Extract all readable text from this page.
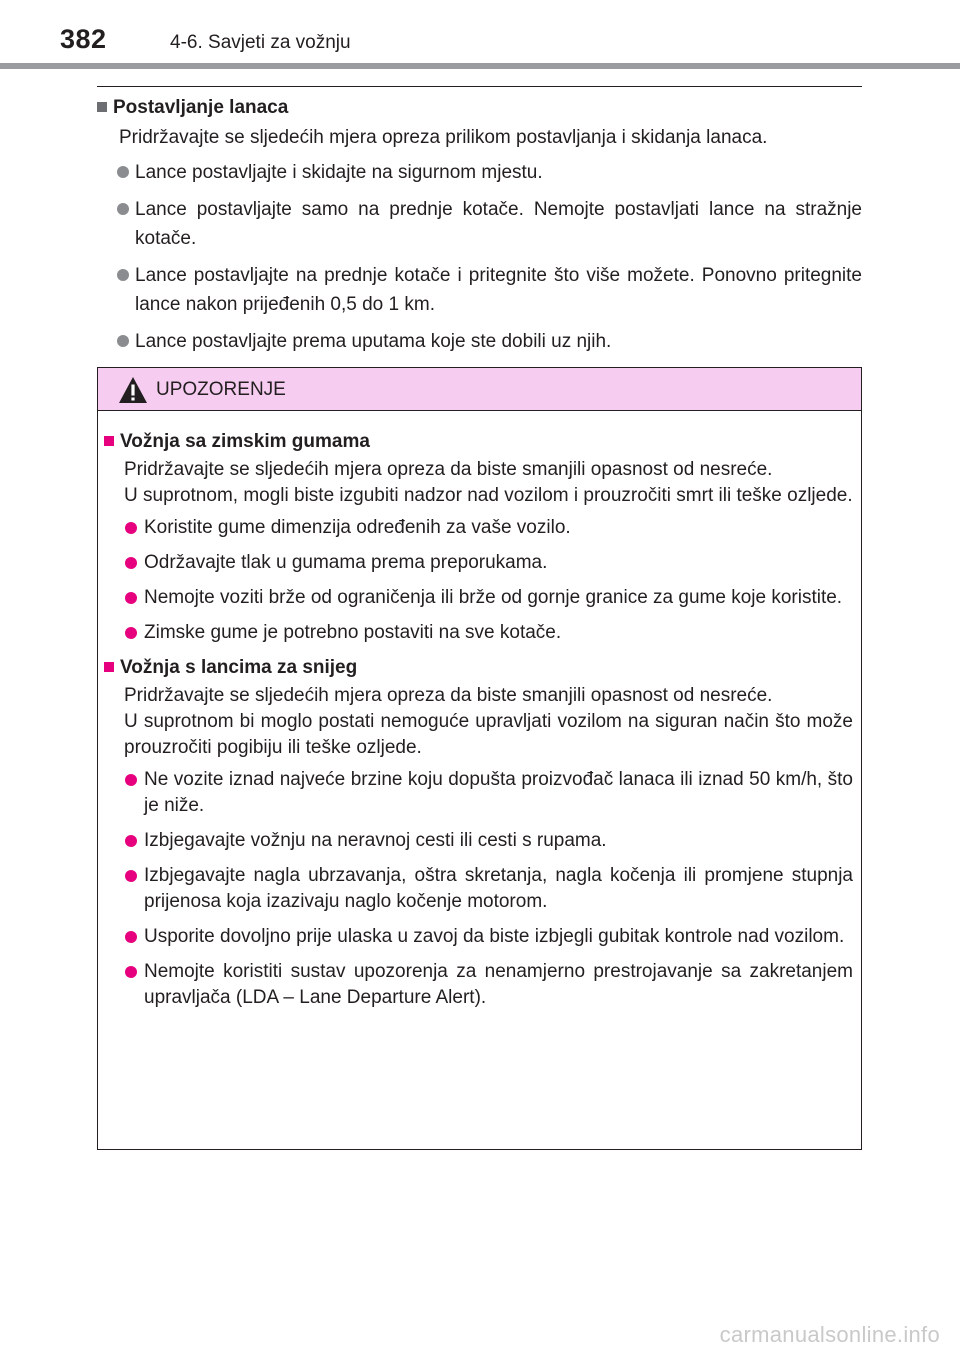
382	4-6. Savjeti za vožnju

Postavljanje lanaca

Pridržavajte se sljedećih mjera opreza prilikom postavljanja i skidanja lanaca.

Lance postavljajte i skidajte na sigurnom mjestu.
Lance postavljajte samo na prednje kotače. Nemojte postavljati lance na stražnje kotače.
Lance postavljajte na prednje kotače i pritegnite što više možete. Ponovno pritegnite lance nakon prijeđenih 0,5 do 1 km.
Lance postavljajte prema uputama koje ste dobili uz njih.
UPOZORENJE

Vožnja sa zimskim gumama

Pridržavajte se sljedećih mjera opreza da biste smanjili opasnost od nesreće.

U suprotnom, mogli biste izgubiti nadzor nad vozilom i prouzročiti smrt ili teške ozljede.

Koristite gume dimenzija određenih za vaše vozilo.
Održavajte tlak u gumama prema preporukama.
Nemojte voziti brže od ograničenja ili brže od gornje granice za gume koje koristite.
Zimske gume je potrebno postaviti na sve kotače.

Vožnja s lancima za snijeg

Pridržavajte se sljedećih mjera opreza da biste smanjili opasnost od nesreće.

U suprotnom bi moglo postati nemoguće upravljati vozilom na siguran način što može prouzročiti pogibiju ili teške ozljede.

Ne vozite iznad najveće brzine koju dopušta proizvođač lanaca ili iznad 50 km/h, što je niže.
Izbjegavajte vožnju na neravnoj cesti ili cesti s rupama.
Izbjegavajte nagla ubrzavanja, oštra skretanja, nagla kočenja ili promjene stupnja prijenosa koja izazivaju naglo kočenje motorom.
Usporite dovoljno prije ulaska u zavoj da biste izbjegli gubitak kontrole nad vozilom.
Nemojte koristiti sustav upozorenja za nenamjerno prestrojavanje sa zakretanjem upravljača (LDA – Lane Departure Alert).
carmanualsonline.info
